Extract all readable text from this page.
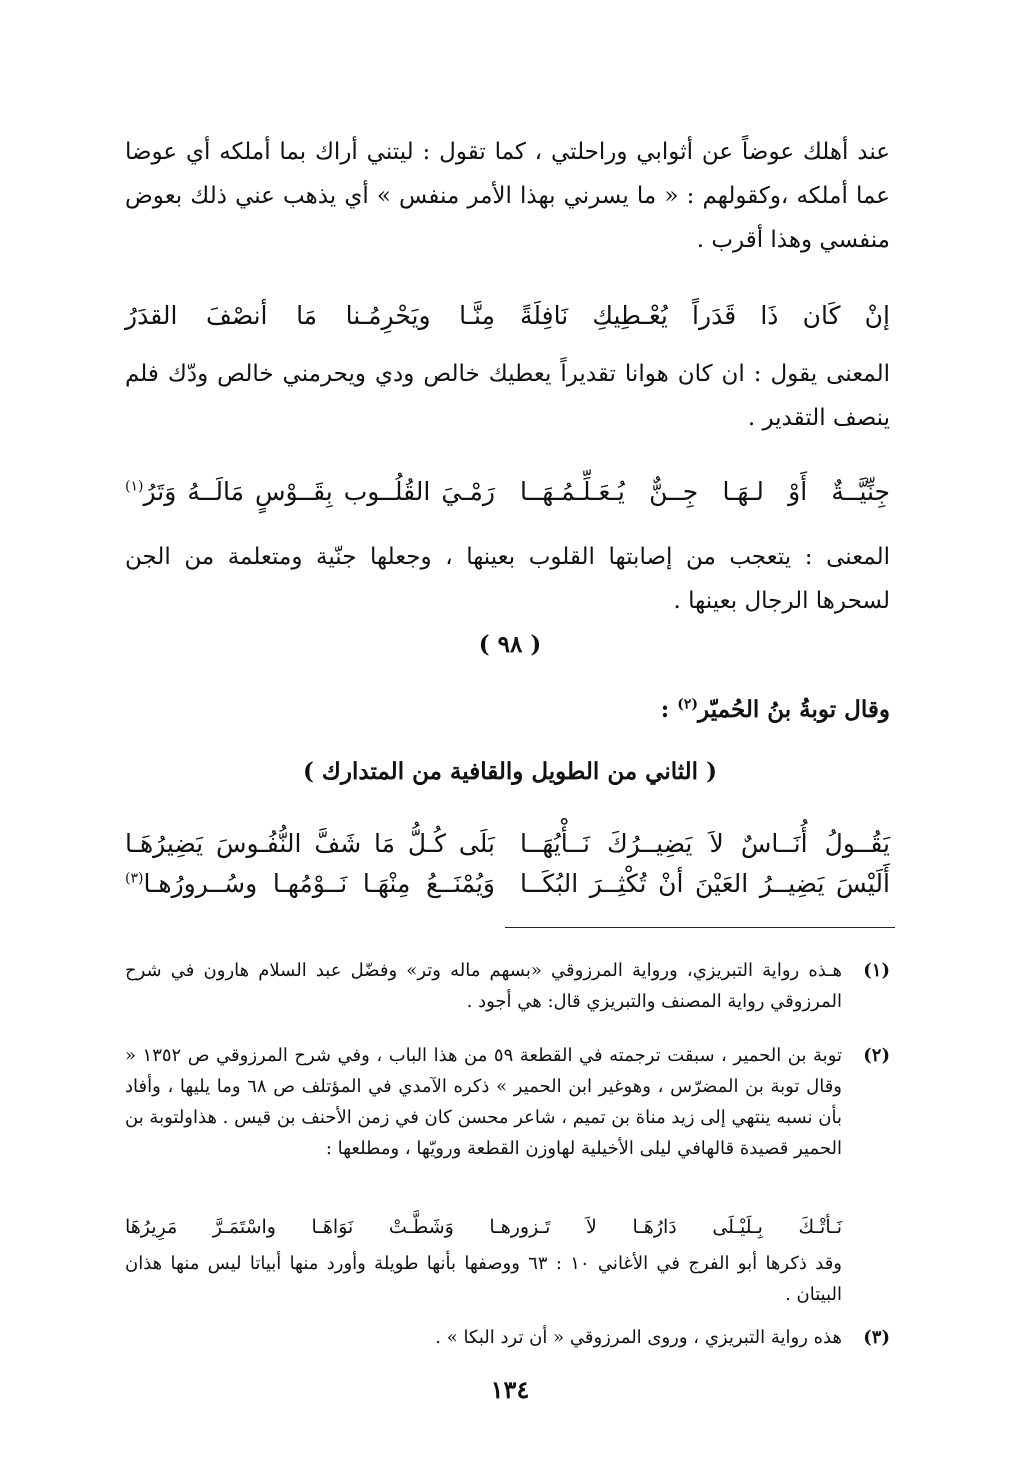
عند أهلك عوضاً عن أثوابي وراحلتي ، كما تقول : ليتني أراك بما أملكه أي عوضا عما أملكه ،وكقولهم : « ما يسرني بهذا الأمر منفس » أي يذهب عني ذلك بعوض منفسي وهذا أقرب .
إنْ كَان ذَا قَدَراً يُعْـطِيكِ نَافِلَةً
مِنَّـا ويَحْرِمُـنا مَا أنصْفَ القدَرُ
المعنى يقول : ان كان هوانا تقديراً يعطيك خالص ودي ويحرمني خالص ودّك فلم ينصف التقدير .
جِنِّيَّــةٌ أَوْ لـهَـا جِــنٌّ يُـعَـلِّـمُـهَــا
رَمْـيَ القُلُــوب بِقَــوْسٍ مَالَــهُ وَتَرُ$^{(١)}$
المعنى : يتعجب من إصابتها القلوب بعينها ، وجعلها جنّية ومتعلمة من الجن لسحرها الرجال بعينها .
( ٩٨ )
وقال توبةُ بنُ الحُميّر$^{(٢)}$ :
( الثاني من الطويل والقافية من المتدارك )
يَقُــولُ أُنَــاسٌ لاَ يَضِيــرُكَ نَــأْيُهَــا
بَلَى كُـلُّ مَا شَفَّ النُّفُـوسَ يَضِيرُهَـا
أَلَيْسَ يَضِيــرُ العَيْنَ أنْ تُكْثِــرَ البُكَــا
وَيُمْنَــعُ مِنْهَـا نَــوْمُهـا وسُــرورُهـا$^{(٣)}$
(١)
هـذه رواية التبريزي، ورواية المرزوقي «بسهم ماله وتر» وفضّل عبد السلام هارون في شرح المرزوقي رواية المصنف والتبريزي قال: هي أجود .
(٢)
توبة بن الحمير ، سبقت ترجمته في القطعة ٥٩ من هذا الباب ، وفي شرح المرزوقي ص ١٣٥٢ « وقال توبة بن المضرّس ، وهوغير ابن الحمير » ذكره الآمدي في المؤتلف ص ٦٨ وما يليها ، وأفاد بأن نسبه ينتهي إلى زيد مناة بن تميم ، شاعر محسن كان في زمن الأحنف بن قيس . هذاولتوبة بن الحمير قصيدة قالهافي ليلى الأخيلية لهاوزن القطعة ورويّها ، ومطلعها :
نَـأتْـكَ بِـلَيْـلَى دَارُهَـا لاَ تَـزورهـا وَشَطَّـتْ نَوَاهَـا واسْتَمَـرَّ مَرِيرُهَا
وقد ذكرها أبو الفرج في الأغاني ١٠ : ٦٣ ووصفها بأنها طويلة وأورد منها أبياتا ليس منها هذان البيتان .
(٣)
هذه رواية التبريزي ، وروى المرزوقي « أن ترد البكا » .
١٣٤
